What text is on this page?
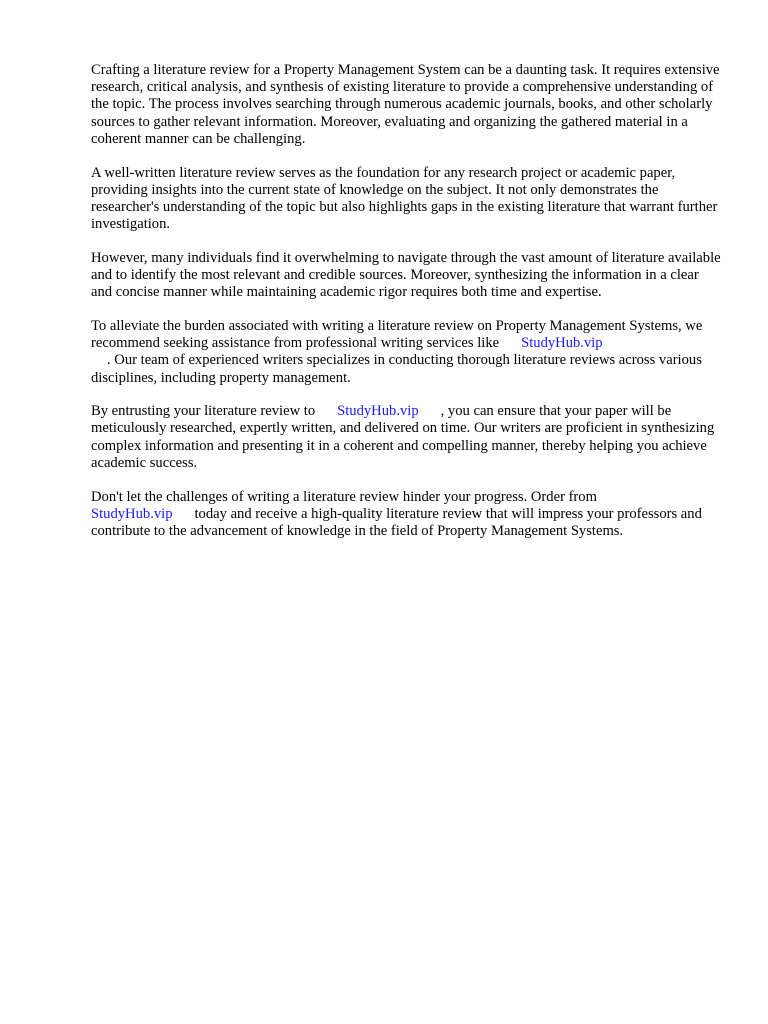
Crafting a literature review for a Property Management System can be a daunting task. It requires extensive research, critical analysis, and synthesis of existing literature to provide a comprehensive understanding of the topic. The process involves searching through numerous academic journals, books, and other scholarly sources to gather relevant information. Moreover, evaluating and organizing the gathered material in a coherent manner can be challenging.

A well-written literature review serves as the foundation for any research project or academic paper, providing insights into the current state of knowledge on the subject. It not only demonstrates the researcher's understanding of the topic but also highlights gaps in the existing literature that warrant further investigation.

However, many individuals find it overwhelming to navigate through the vast amount of literature available and to identify the most relevant and credible sources. Moreover, synthesizing the information in a clear and concise manner while maintaining academic rigor requires both time and expertise.

To alleviate the burden associated with writing a literature review on Property Management Systems, we recommend seeking assistance from professional writing services like StudyHub.vip
. Our team of experienced writers specializes in conducting thorough literature reviews across various disciplines, including property management.

By entrusting your literature review to StudyHub.vip , you can ensure that your paper will be meticulously researched, expertly written, and delivered on time. Our writers are proficient in synthesizing complex information and presenting it in a coherent and compelling manner, thereby helping you achieve academic success.

Don't let the challenges of writing a literature review hinder your progress. Order from
StudyHub.vip today and receive a high-quality literature review that will impress your professors and contribute to the advancement of knowledge in the field of Property Management Systems.
